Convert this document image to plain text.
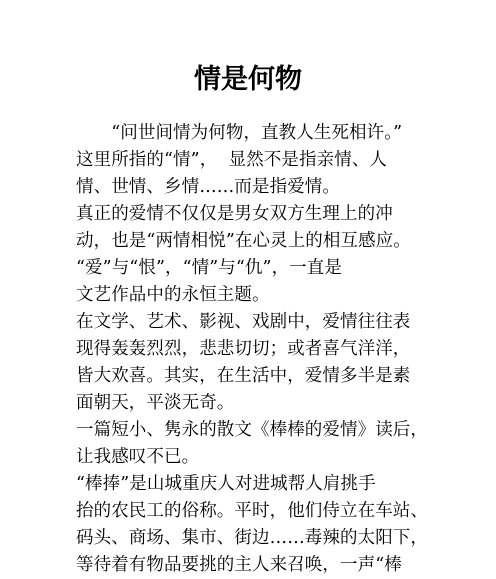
情是何物
　　“问世间情为何物，直教人生死相许。”
这里所指的“情”，  显然不是指亲情、人
情、世情、乡情……而是指爱情。
真正的爱情不仅仅是男女双方生理上的冲
动，也是“两情相悦”在心灵上的相互感应。
“爱”与“恨”，“情”与“仇”，一直是
文艺作品中的永恒主题。
在文学、艺术、影视、戏剧中，爱情往往表
现得轰轰烈烈，悲悲切切；或者喜气洋洋，
皆大欢喜。其实，在生活中，爱情多半是素
面朝天，平淡无奇。
一篇短小、隽永的散文《棒棒的爱情》读后，
让我感叹不已。
“棒捧”是山城重庆人对进城帮人肩挑手
抬的农民工的俗称。平时，他们侍立在车站、
码头、商场、集市、街边……毒辣的太阳下，
等待着有物品要挑的主人来召唤，一声“棒
